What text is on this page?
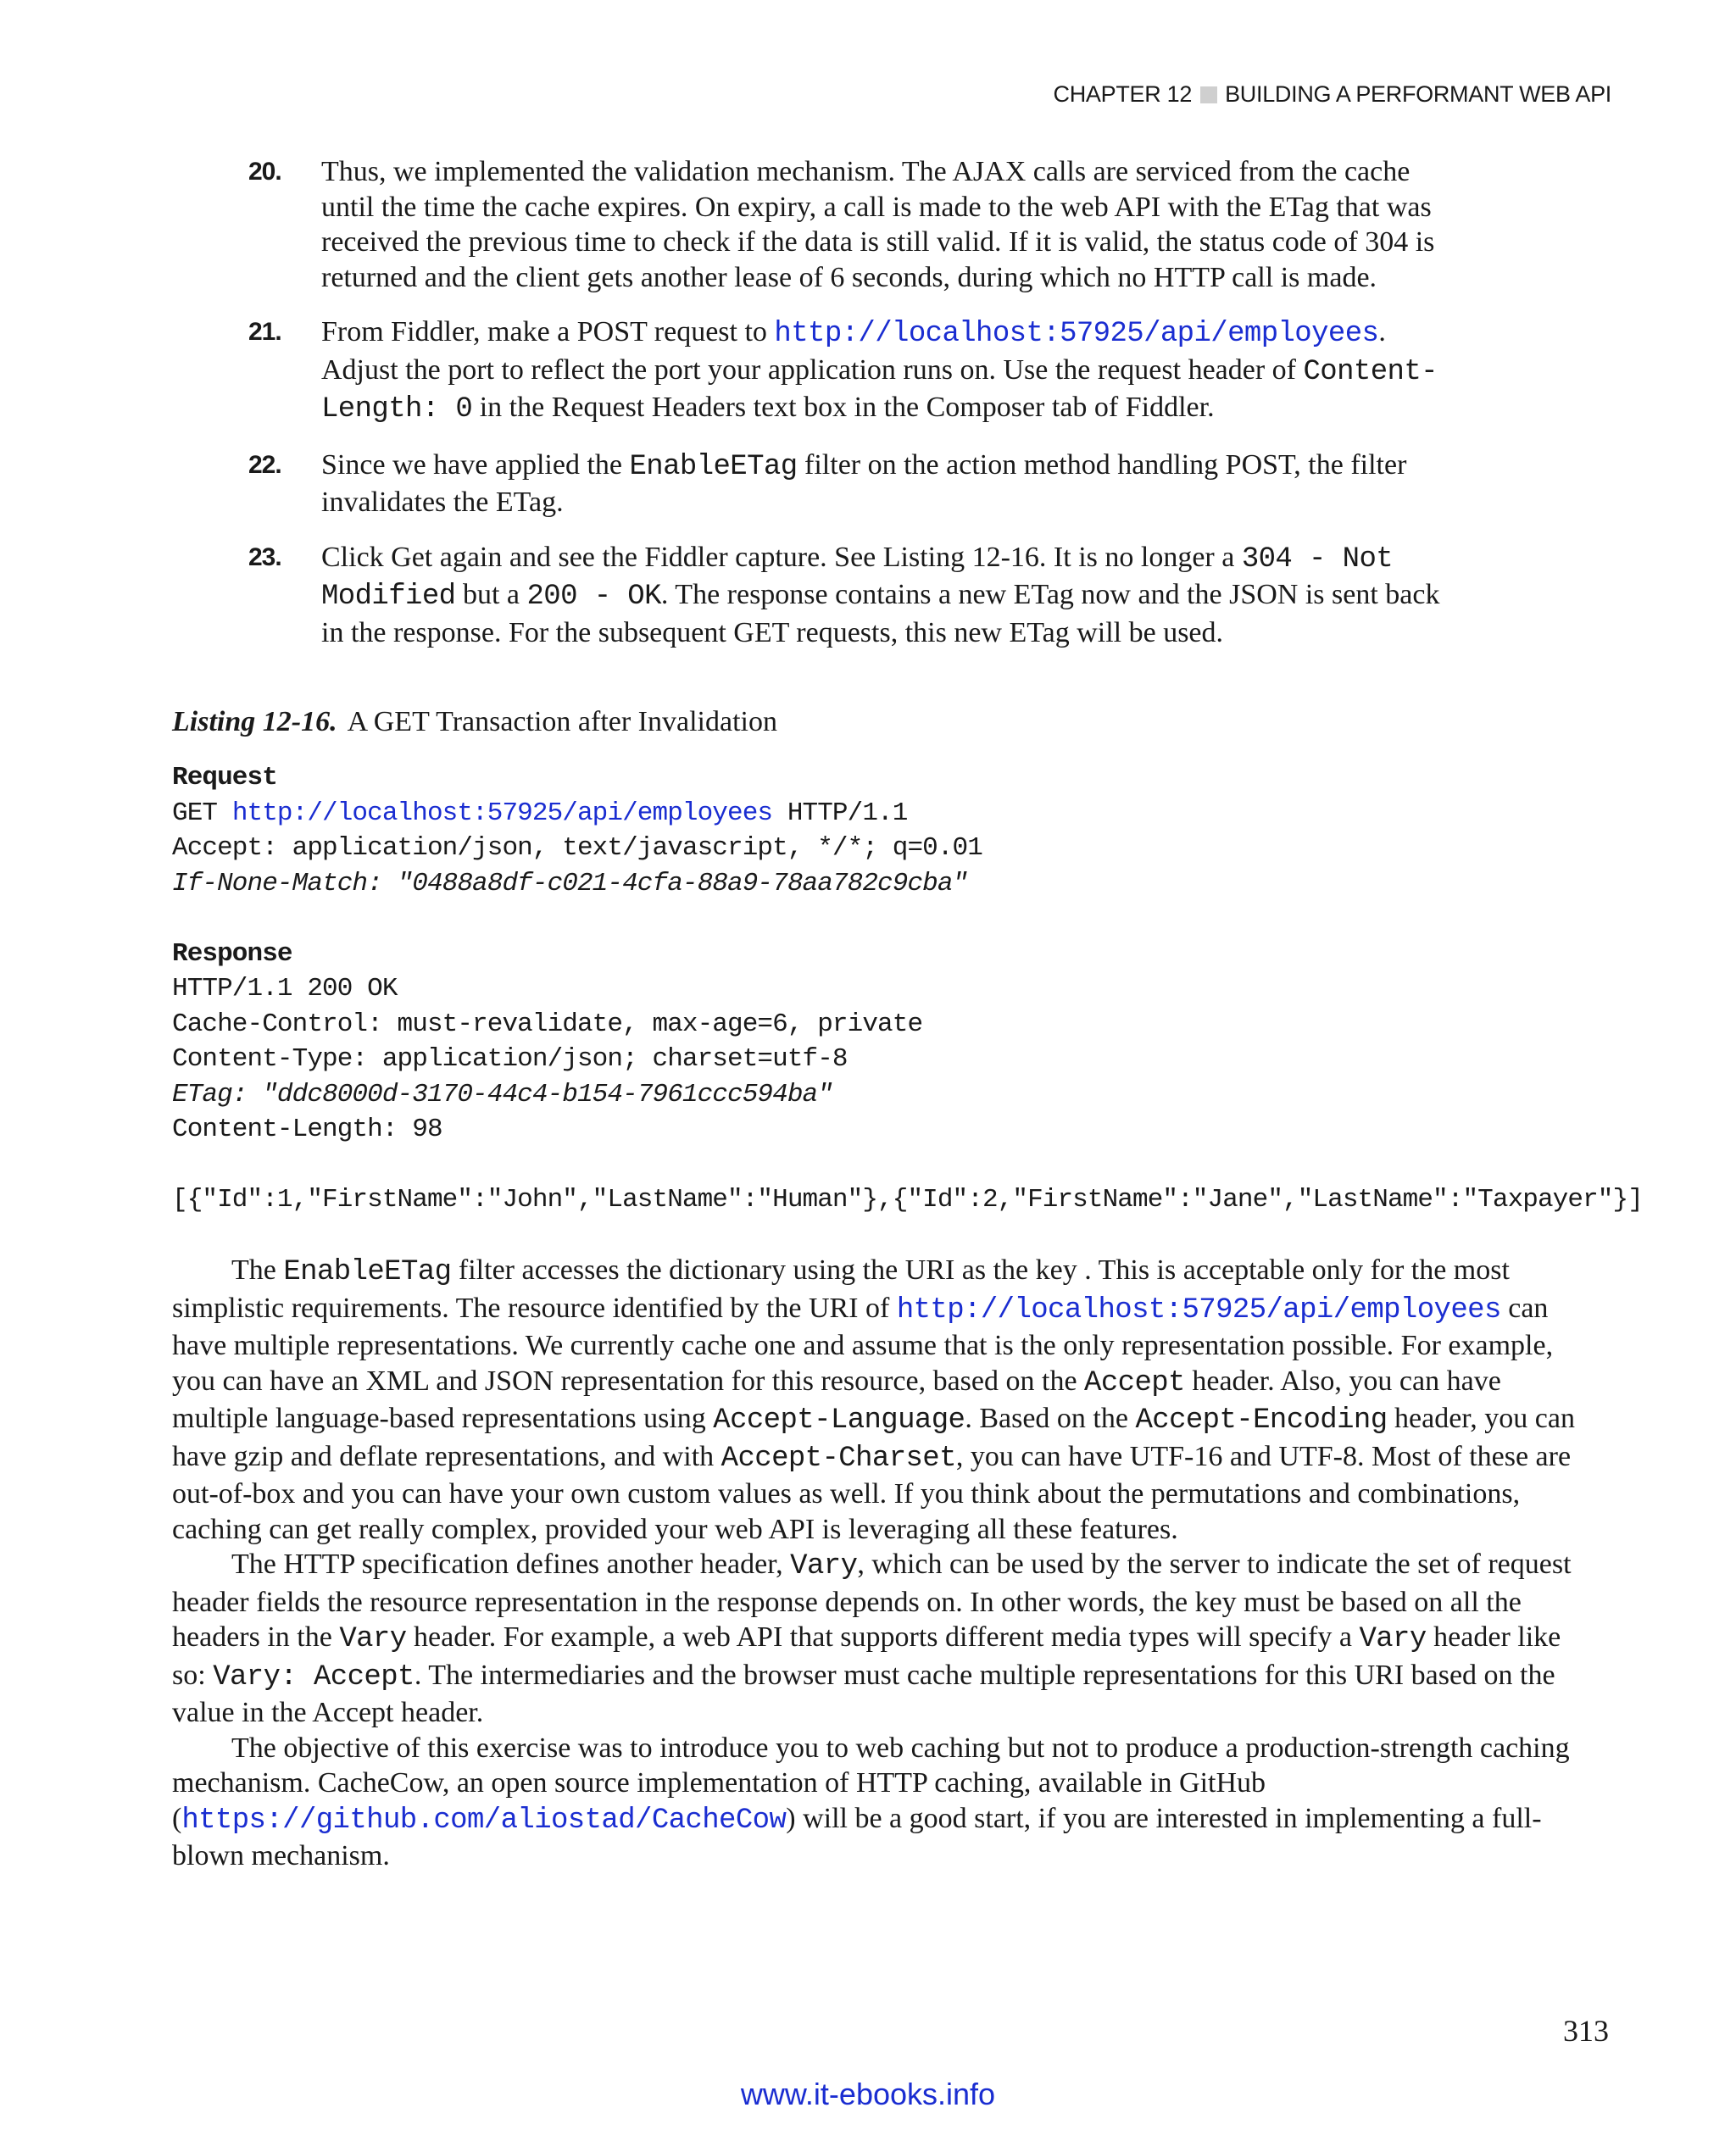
CHAPTER 12 BUILDING A PERFORMANT WEB API
20. Thus, we implemented the validation mechanism. The AJAX calls are serviced from the cache until the time the cache expires. On expiry, a call is made to the web API with the ETag that was received the previous time to check if the data is still valid. If it is valid, the status code of 304 is returned and the client gets another lease of 6 seconds, during which no HTTP call is made.
21. From Fiddler, make a POST request to http://localhost:57925/api/employees. Adjust the port to reflect the port your application runs on. Use the request header of Content-Length: 0 in the Request Headers text box in the Composer tab of Fiddler.
22. Since we have applied the EnableETag filter on the action method handling POST, the filter invalidates the ETag.
23. Click Get again and see the Fiddler capture. See Listing 12-16. It is no longer a 304 - Not Modified but a 200 - OK. The response contains a new ETag now and the JSON is sent back in the response. For the subsequent GET requests, this new ETag will be used.
Listing 12-16. A GET Transaction after Invalidation
Request
GET http://localhost:57925/api/employees HTTP/1.1
Accept: application/json, text/javascript, */*; q=0.01
If-None-Match: "0488a8df-c021-4cfa-88a9-78aa782c9cba"

Response
HTTP/1.1 200 OK
Cache-Control: must-revalidate, max-age=6, private
Content-Type: application/json; charset=utf-8
ETag: "ddc8000d-3170-44c4-b154-7961ccc594ba"
Content-Length: 98

[{"Id":1,"FirstName":"John","LastName":"Human"},{"Id":2,"FirstName":"Jane","LastName":"Taxpayer"}]

The EnableETag filter accesses the dictionary using the URI as the key . This is acceptable only for the most simplistic requirements. The resource identified by the URI of http://localhost:57925/api/employees can have multiple representations. We currently cache one and assume that is the only representation possible. For example, you can have an XML and JSON representation for this resource, based on the Accept header. Also, you can have multiple language-based representations using Accept-Language. Based on the Accept-Encoding header, you can have gzip and deflate representations, and with Accept-Charset, you can have UTF-16 and UTF-8. Most of these are out-of-box and you can have your own custom values as well. If you think about the permutations and combinations, caching can get really complex, provided your web API is leveraging all these features.

The HTTP specification defines another header, Vary, which can be used by the server to indicate the set of request header fields the resource representation in the response depends on. In other words, the key must be based on all the headers in the Vary header. For example, a web API that supports different media types will specify a Vary header like so: Vary: Accept. The intermediaries and the browser must cache multiple representations for this URI based on the value in the Accept header.

The objective of this exercise was to introduce you to web caching but not to produce a production-strength caching mechanism. CacheCow, an open source implementation of HTTP caching, available in GitHub (https://github.com/aliostad/CacheCow) will be a good start, if you are interested in implementing a full-blown mechanism.

313
www.it-ebooks.info
